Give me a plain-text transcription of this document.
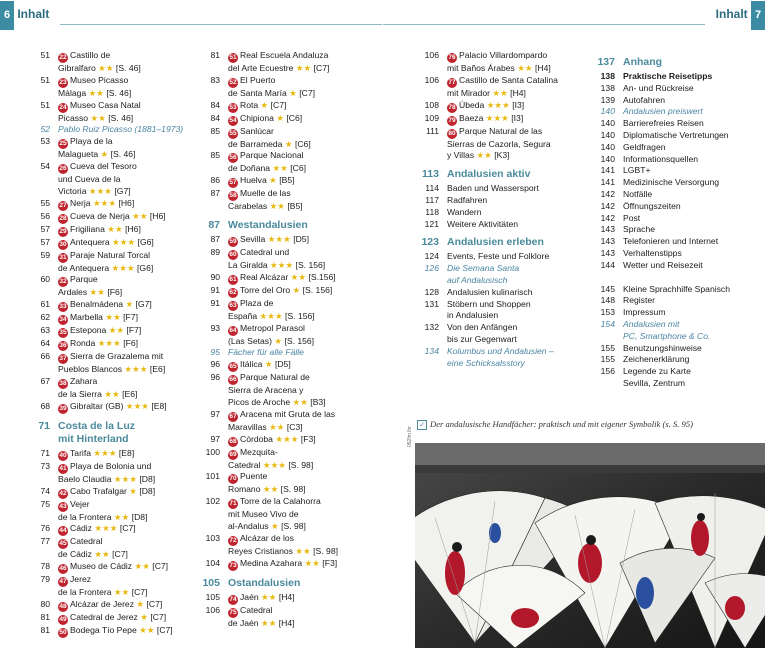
6 Inhalt
51	22 Castillo de
Gibralfaro ★★ [S. 46]
51	23 Museo Picasso
Málaga ★★ [S. 46]
51	24 Museo Casa Natal
Picasso ★★ [S. 46]
52 Pablo Ruiz Picasso (1881–1973)
53	25 Playa de la
Malagueta ★ [S. 46]
54	26 Cueva del Tesoro
und Cueva de la
Victoria ★★★ [G7]
55	27 Nerja ★★★ [H6]
56	28 Cueva de Nerja ★★ [H6]
57	29 Frigiliana ★★ [H6]
57	30 Antequera ★★★ [G6]
59	31 Paraje Natural Torcal
de Antequera ★★★ [G6]
60	32 Parque
Ardales ★★ [F6]
61	33 Benalmádena ★ [G7]
62	34 Marbella ★★ [F7]
63	35 Estepona ★★ [F7]
64	36 Ronda ★★★ [F6]
66	37 Sierra de Grazalema mit
Pueblos Blancos ★★★ [E6]
67	38 Zahara
de la Sierra ★★ [E6]
68	39 Gibraltar (GB) ★★★ [E8]
71 Costa de la Luz
mit Hinterland
71	40 Tarifa ★★★ [E8]
73	41 Playa de Bolonia und
Baelo Claudia ★★★ [D8]
74	42 Cabo Trafalgar ★ [D8]
75	43 Vejer
de la Frontera ★★ [D8]
76	44 Cádiz ★★★ [C7]
77	45 Catedral
de Cádiz ★★ [C7]
78	46 Museo de Cádiz ★★ [C7]
79	47 Jerez
de la Frontera ★★ [C7]
80	48 Alcázar de Jerez ★ [C7]
81	49 Catedral de Jerez ★ [C7]
81	50 Bodega Tío Pepe ★★ [C7]
81	51 Real Escuela Andaluza
del Arte Ecuestre ★★ [C7]
83	52 El Puerto
de Santa María ★ [C7]
84	53 Rota ★ [C7]
84	54 Chipiona ★ [C6]
85	55 Sanlúcar
de Barrameda ★ [C6]
85	56 Parque Nacional
de Doñana ★★ [C6]
86	57 Huelva ★ [B5]
87	58 Muelle de las
Carabelas ★★ [B5]
87 Westandalusien
87	59 Sevilla ★★★ [D5]
89	60 Catedral und
La Giralda ★★★ [S. 156]
90	61 Real Alcázar ★★ [S.156]
91	62 Torre del Oro ★ [S. 156]
91	63 Plaza de
España ★★★ [S. 156]
93	64 Metropol Parasol
(Las Setas) ★ [S. 156]
95 Fächer für alle Fälle
96	65 Itálica ★ [D5]
96	66 Parque Natural de
Sierra de Aracena y
Picos de Aroche ★★ [B3]
97	67 Aracena mit Gruta de las
Maravillas ★★ [C3]
97	68 Córdoba ★★★ [F3]
100	69 Mezquita-
Catedral ★★★ [S. 98]
101	70 Puente
Romano ★★ [S. 98]
102	71 Torre de la Calahorra
mit Museo Vivo de
al-Andalus ★ [S. 98]
103	72 Alcázar de los
Reyes Cristianos ★★ [S. 98]
104	73 Medina Azahara ★★ [F3]
105 Ostandalusien
105	74 Jaén ★★ [H4]
106	75 Catedral
de Jaén ★★ [H4]
Inhalt 7
106	76 Palacio Villardompardo
mit Baños Árabes ★★ [H4]
106	77 Castillo de Santa Catalina
mit Mirador ★★ [H4]
108	78 Úbeda ★★★ [I3]
109	79 Baeza ★★★ [I3]
111	80 Parque Natural de las
Sierras de Cazorla, Segura
y Villas ★★ [K3]
113 Andalusien aktiv
114 Baden und Wassersport
117 Radfahren
118 Wandern
121 Weitere Aktivitäten
123 Andalusien erleben
124 Events, Feste und Folklore
126 Die Semana Santa
auf Andalusisch
128 Andalusien kulinarisch
131 Stöbern und Shoppen
in Andalusien
132 Von den Anfängen
bis zur Gegenwart
134 Kolumbus und Andalusien –
eine Schicksalsstory
137 Anhang
138 Praktische Reisetipps
138 An- und Rückreise
139 Autofahren
140 Andalusien preiswert
140 Barrierefreies Reisen
140 Diplomatische Vertretungen
140 Geldfragen
140 Informationsquellen
141 LGBT+
141 Medizinische Versorgung
142 Notfälle
142 Öffnungszeiten
142 Post
143 Sprache
143 Telefonieren und Internet
143 Verhaltenstipps
144 Wetter und Reisezeit
145 Kleine Sprachhilfe Spanisch
148 Register
153 Impressum
154 Andalusien mit
PC, Smartphone & Co.
155 Benutzungshinweise
155 Zeichenerklärung
156 Legende zu Karte
Sevilla, Zentrum
✓ Der andalusische Handfächer: praktisch und mit eigener Symbolik (s. S. 95)
052fm lhr
